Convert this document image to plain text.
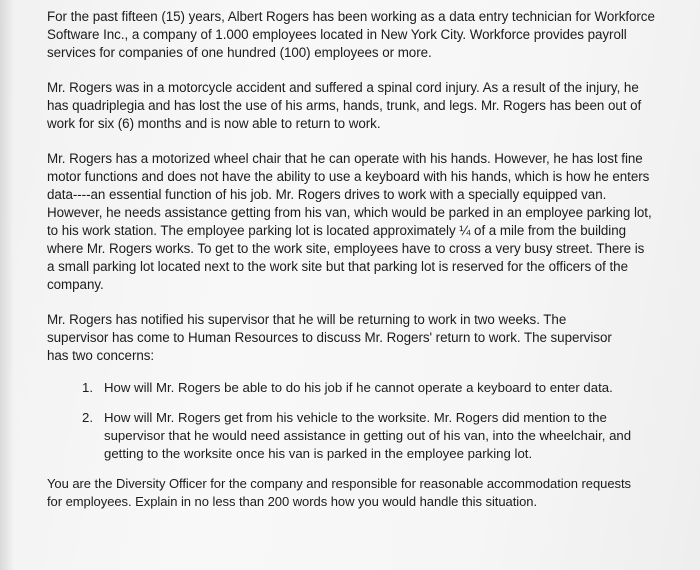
For the past fifteen (15) years, Albert Rogers has been working as a data entry technician for Workforce Software Inc., a company of 1.000 employees located in New York City. Workforce provides payroll services for companies of one hundred (100) employees or more.

Mr. Rogers was in a motorcycle accident and suffered a spinal cord injury. As a result of the injury, he has quadriplegia and has lost the use of his arms, hands, trunk, and legs. Mr. Rogers has been out of work for six (6) months and is now able to return to work.

Mr. Rogers has a motorized wheel chair that he can operate with his hands. However, he has lost fine motor functions and does not have the ability to use a keyboard with his hands, which is how he enters data----an essential function of his job. Mr. Rogers drives to work with a specially equipped van. However, he needs assistance getting from his van, which would be parked in an employee parking lot, to his work station. The employee parking lot is located approximately ¼ of a mile from the building where Mr. Rogers works. To get to the work site, employees have to cross a very busy street. There is a small parking lot located next to the work site but that parking lot is reserved for the officers of the company.

Mr. Rogers has notified his supervisor that he will be returning to work in two weeks. The supervisor has come to Human Resources to discuss Mr. Rogers' return to work. The supervisor has two concerns:

1. How will Mr. Rogers be able to do his job if he cannot operate a keyboard to enter data.
2. How will Mr. Rogers get from his vehicle to the worksite. Mr. Rogers did mention to the supervisor that he would need assistance in getting out of his van, into the wheelchair, and getting to the worksite once his van is parked in the employee parking lot.

You are the Diversity Officer for the company and responsible for reasonable accommodation requests for employees. Explain in no less than 200 words how you would handle this situation.
